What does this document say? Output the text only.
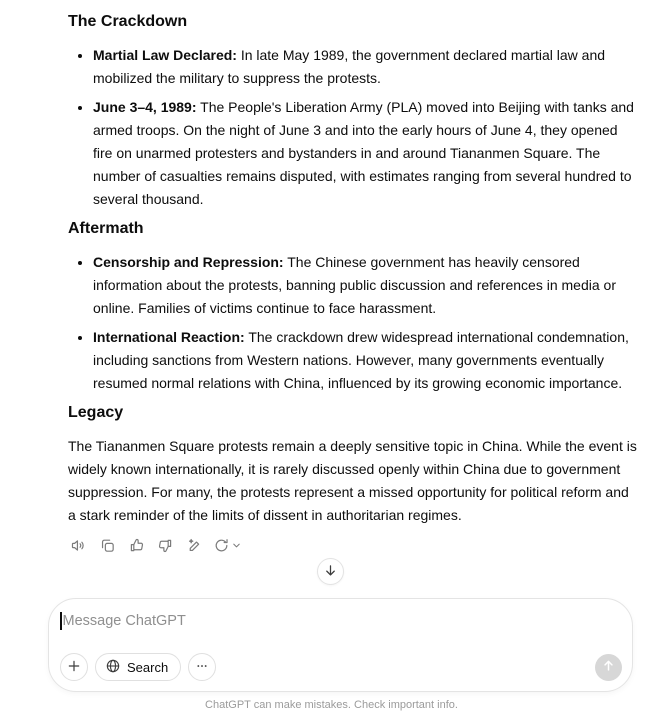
The Crackdown
• Martial Law Declared: In late May 1989, the government declared martial law and mobilized the military to suppress the protests.
• June 3–4, 1989: The People's Liberation Army (PLA) moved into Beijing with tanks and armed troops. On the night of June 3 and into the early hours of June 4, they opened fire on unarmed protesters and bystanders in and around Tiananmen Square. The number of casualties remains disputed, with estimates ranging from several hundred to several thousand.
Aftermath
• Censorship and Repression: The Chinese government has heavily censored information about the protests, banning public discussion and references in media or online. Families of victims continue to face harassment.
• International Reaction: The crackdown drew widespread international condemnation, including sanctions from Western nations. However, many governments eventually resumed normal relations with China, influenced by its growing economic importance.
Legacy

The Tiananmen Square protests remain a deeply sensitive topic in China. While the event is widely known internationally, it is rarely discussed openly within China due to government suppression. For many, the protests represent a missed opportunity for political reform and a stark reminder of the limits of dissent in authoritarian regimes.

Message ChatGPT
Search
ChatGPT can make mistakes. Check important info.
